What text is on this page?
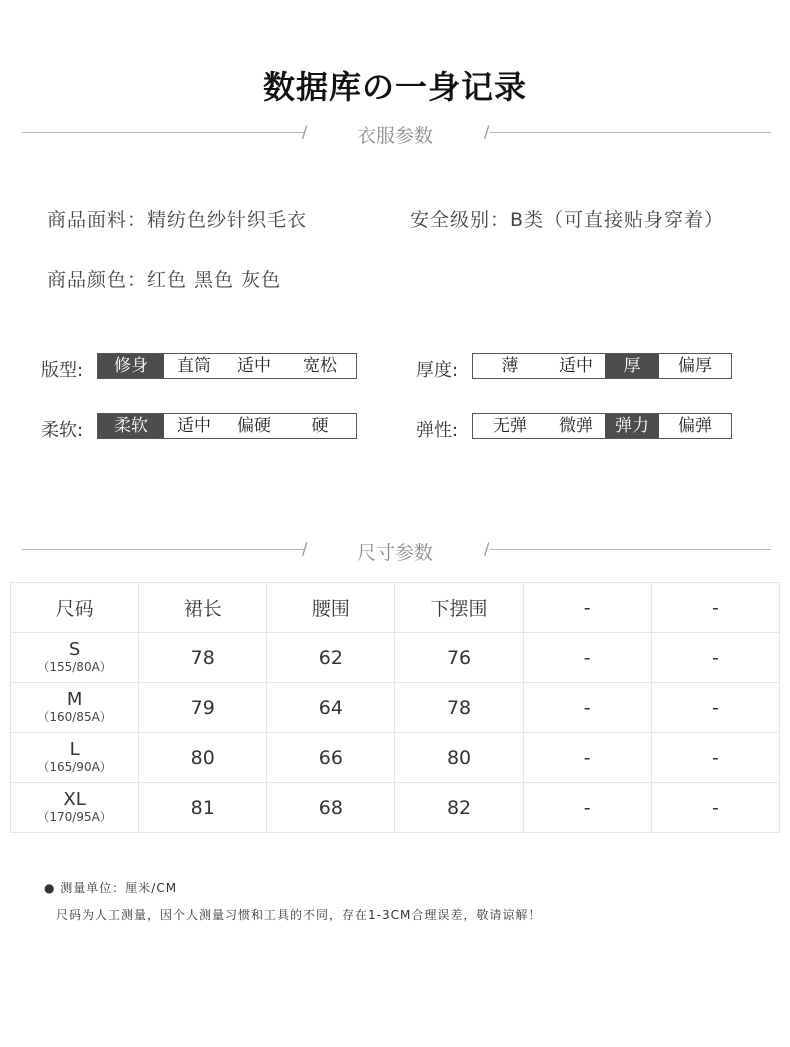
数据库の一身记录
/	衣服参数	/
商品面料：精纺色纱针织毛衣	安全级别：B类（可直接贴身穿着）
商品颜色：红色 黑色 灰色
版型:	修身	直筒	适中	宽松	厚度:	薄	适中	厚	偏厚
柔软:	柔软	适中	偏硬	硬	弹性:	无弹	微弹	弹力	偏弹
/	尺寸参数	/
尺码	裙长	腰围	下摆围	-	-

S
（155/80A）	78	62	76	-	-

M
（160/85A）	79	64	78	-	-

L
（165/90A）	80	66	80	-	-

XL
（170/95A）	81	68	82	-	-
● 测量单位：厘米/CM
尺码为人工测量，因个人测量习惯和工具的不同，存在1-3CM合理误差，敬请谅解！
